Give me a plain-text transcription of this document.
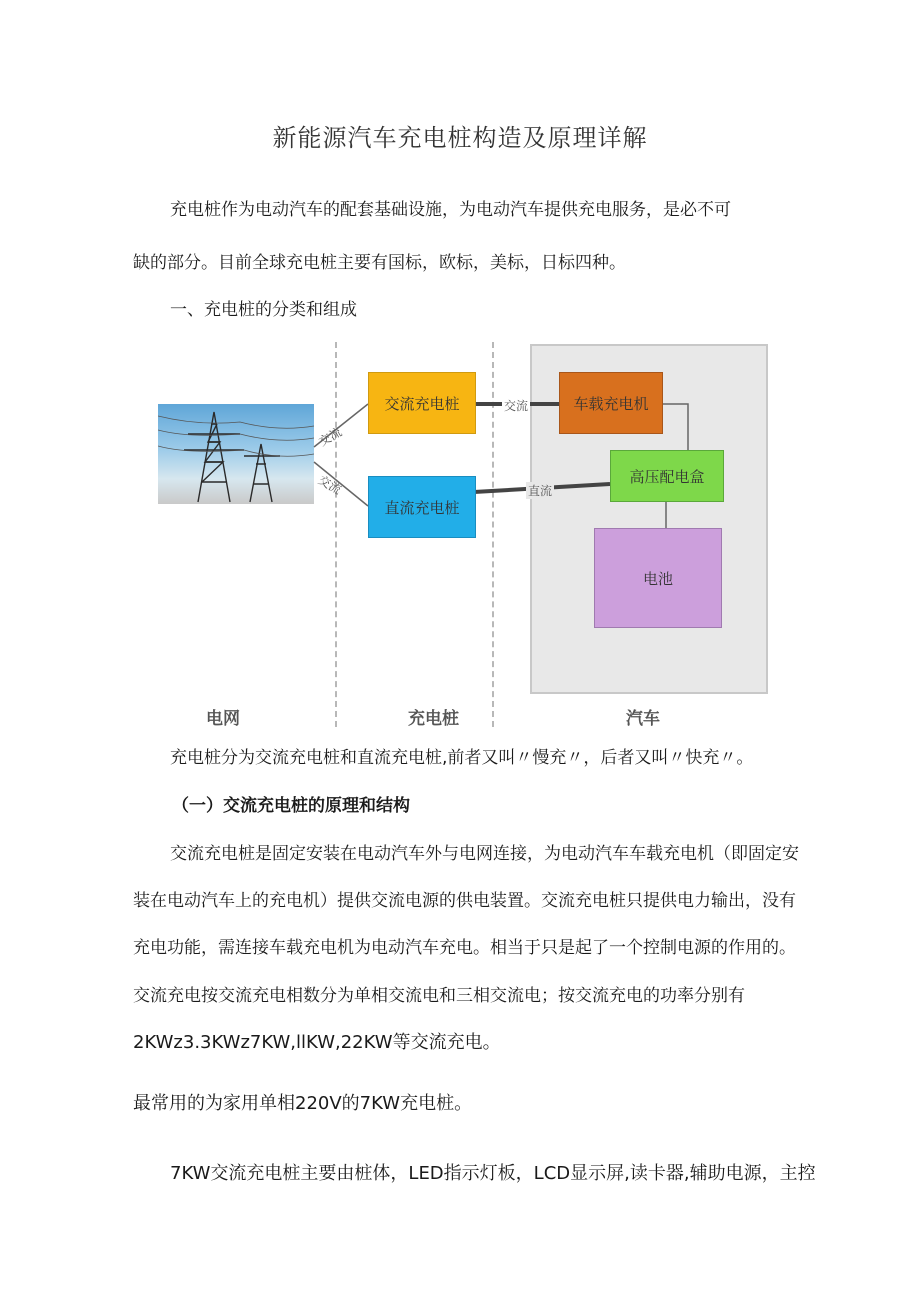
新能源汽车充电桩构造及原理详解
充电桩作为电动汽车的配套基础设施，为电动汽车提供充电服务，是必不可
缺的部分。目前全球充电桩主要有国标，欧标，美标，日标四种。
一、充电桩的分类和组成
交流
交流
交流
直流
交流充电桩
直流充电桩
车载充电机
高压配电盒
电池
电网	充电桩	汽车
充电桩分为交流充电桩和直流充电桩,前者又叫〃慢充〃，后者又叫〃快充〃。
（一）交流充电桩的原理和结构
交流充电桩是固定安装在电动汽车外与电网连接，为电动汽车车载充电机（即固定安
装在电动汽车上的充电机）提供交流电源的供电装置。交流充电桩只提供电力输出，没有
充电功能，需连接车载充电机为电动汽车充电。相当于只是起了一个控制电源的作用的。
交流充电按交流充电相数分为单相交流电和三相交流电；按交流充电的功率分别有
2KWz3.3KWz7KW,llKW,22KW等交流充电。
最常用的为家用单相220V的7KW充电桩。
7KW交流充电桩主要由桩体，LED指示灯板，LCD显示屏,读卡器,辅助电源，主控
